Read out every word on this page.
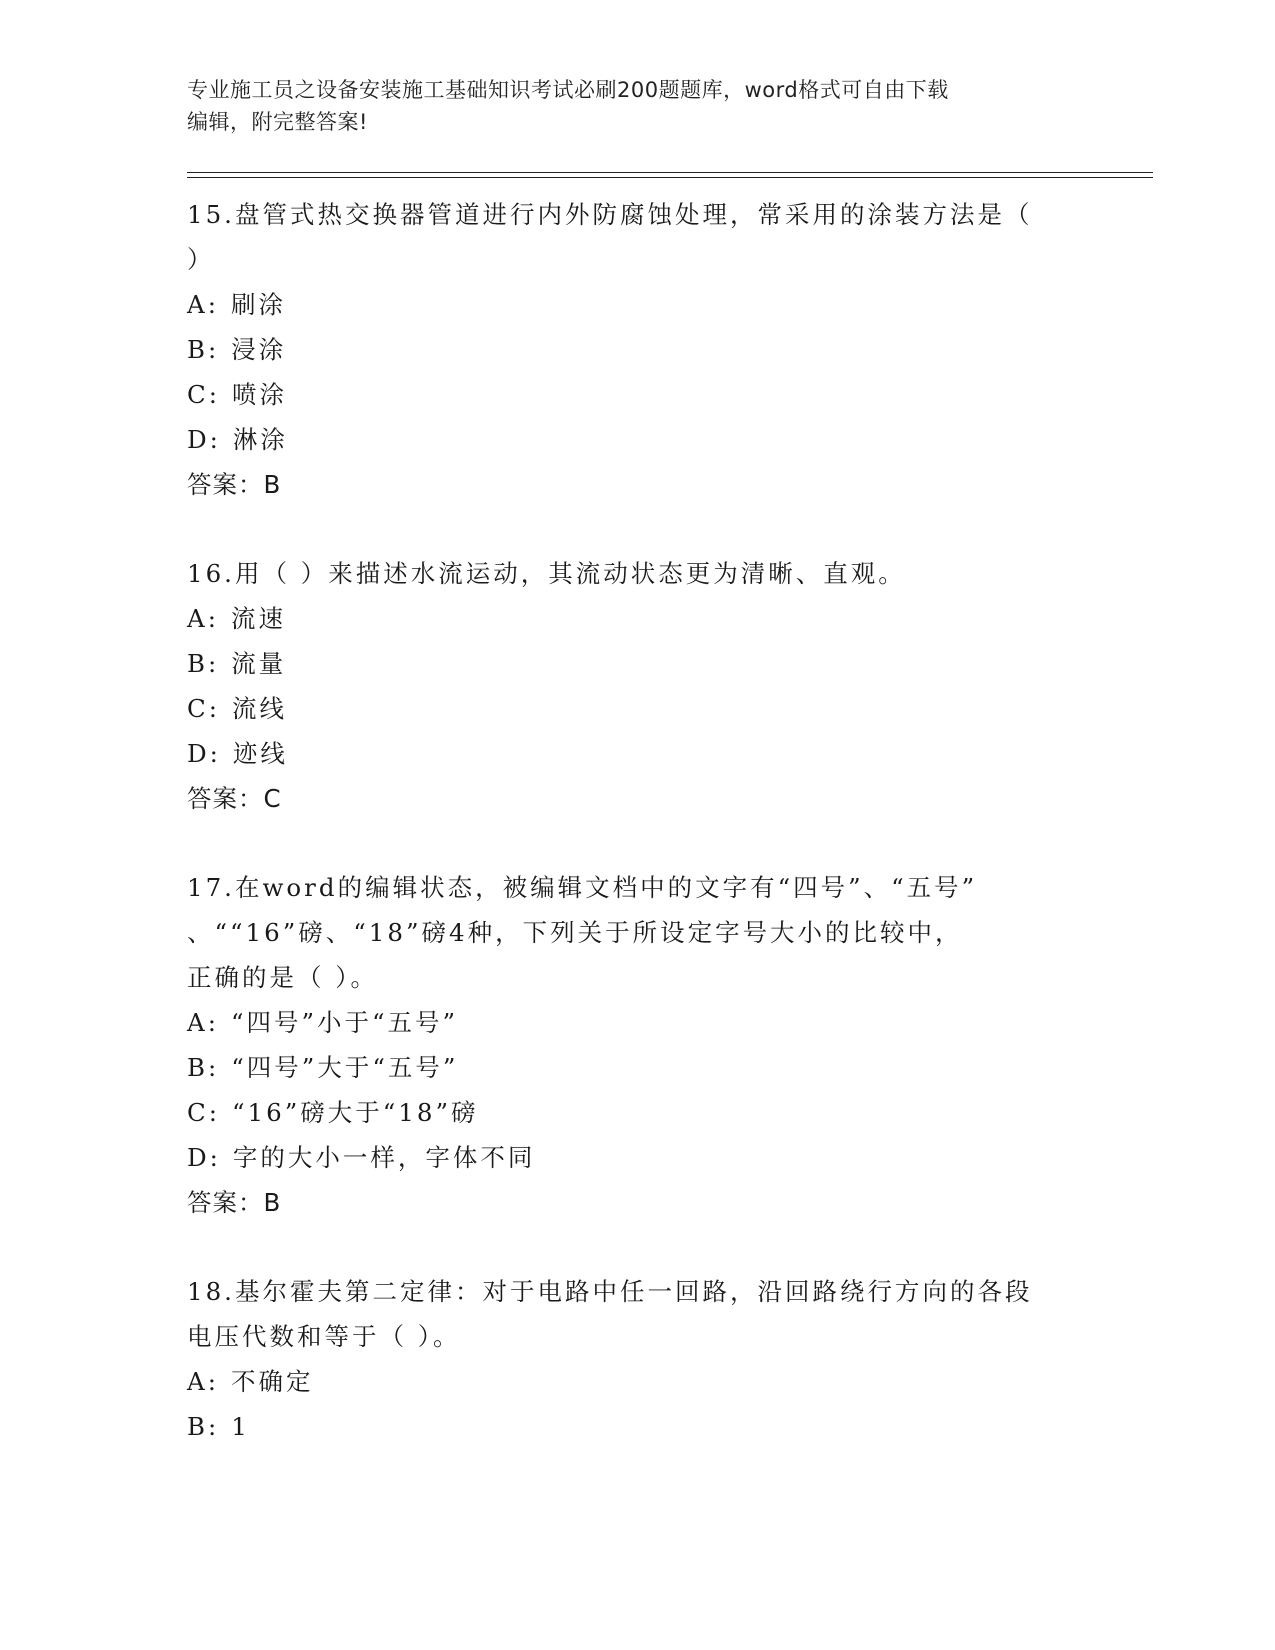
专业施工员之设备安装施工基础知识考试必刷200题题库，word格式可自由下载
编辑，附完整答案!

15.盘管式热交换器管道进行内外防腐蚀处理，常采用的涂装方法是（
）

A: 刷涂

B: 浸涂

C: 喷涂

D: 淋涂

答案：B

16.用（ ）来描述水流运动，其流动状态更为清晰、直观。

A: 流速

B: 流量

C: 流线

D: 迹线

答案：C

17.在word的编辑状态，被编辑文档中的文字有“四号”、“五号”
、““16”磅、“18”磅4种，下列关于所设定字号大小的比较中，
正确的是（ ）。

A: “四号”小于“五号”

B: “四号”大于“五号”

C: “16”磅大于“18”磅

D: 字的大小一样，字体不同

答案：B

18.基尔霍夫第二定律：对于电路中任一回路，沿回路绕行方向的各段
电压代数和等于（ ）。

A: 不确定

B: 1
